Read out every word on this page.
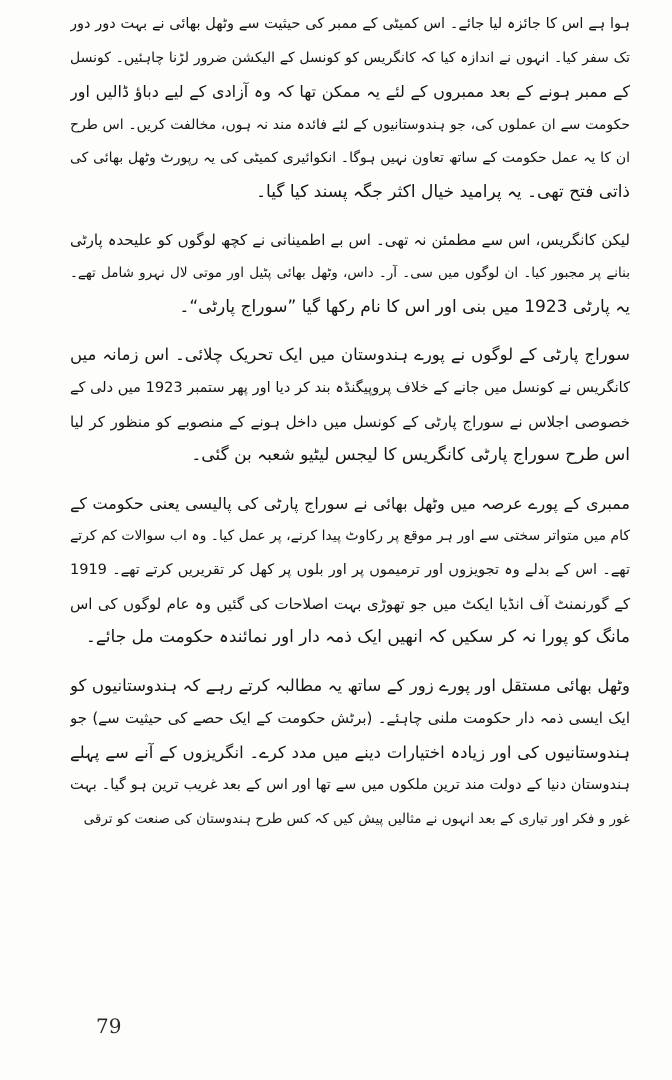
ہوا ہے اس کا جائزہ لیا جائے۔ اس کمیٹی کے ممبر کی حیثیت سے وٹھل بھائی نے بہت دور دور
تک سفر کیا۔ انہوں نے اندازہ کیا کہ کانگریس کو کونسل کے الیکشن ضرور لڑنا چاہئیں۔ کونسل
کے ممبر ہونے کے بعد ممبروں کے لئے یہ ممکن تھا کہ وہ آزادی کے لیے دباؤ ڈالیں اور
حکومت سے ان عملوں کی، جو ہندوستانیوں کے لئے فائدہ مند نہ ہوں، مخالفت کریں۔ اس طرح
ان کا یہ عمل حکومت کے ساتھ تعاون نہیں ہوگا۔ انکوائیری کمیٹی کی یہ رپورٹ وٹھل بھائی کی
ذاتی فتح تھی۔ یہ پرامید خیال اکثر جگہ پسند کیا گیا۔

لیکن کانگریس، اس سے مطمئن نہ تھی۔ اس بے اطمینانی نے کچھ لوگوں کو علیحدہ پارٹی
بنانے پر مجبور کیا۔ ان لوگوں میں سی۔ آر۔ داس، وٹھل بھائی پٹیل اور موتی لال نہرو شامل تھے۔
یہ پارٹی 1923 میں بنی اور اس کا نام رکھا گیا ”سوراج پارٹی“۔

سوراج پارٹی کے لوگوں نے پورے ہندوستان میں ایک تحریک چلائی۔ اس زمانہ میں
کانگریس نے کونسل میں جانے کے خلاف پروپیگنڈہ بند کر دیا اور پھر ستمبر 1923 میں دلی کے
خصوصی اجلاس نے سوراج پارٹی کے کونسل میں داخل ہونے کے منصوبے کو منظور کر لیا
اس طرح سوراج پارٹی کانگریس کا لیجس لیٹیو شعبہ بن گئی۔

ممبری کے پورے عرصہ میں وٹھل بھائی نے سوراج پارٹی کی پالیسی یعنی حکومت کے
کام میں متواتر سختی سے اور ہر موقع پر رکاوٹ پیدا کرنے، پر عمل کیا۔ وہ اب سوالات کم کرتے
تھے۔ اس کے بدلے وہ تجویزوں اور ترمیموں پر اور بلوں پر کھل کر تقریریں کرتے تھے۔ 1919
کے گورنمنٹ آف انڈیا ایکٹ میں جو تھوڑی بہت اصلاحات کی گئیں وہ عام لوگوں کی اس
مانگ کو پورا نہ کر سکیں کہ انھیں ایک ذمہ دار اور نمائندہ حکومت مل جائے۔

وٹھل بھائی مستقل اور پورے زور کے ساتھ یہ مطالبہ کرتے رہے کہ ہندوستانیوں کو
ایک ایسی ذمہ دار حکومت ملنی چاہئے۔ (برٹش حکومت کے ایک حصے کی حیثیت سے) جو
ہندوستانیوں کی اور زیادہ اختیارات دینے میں مدد کرے۔ انگریزوں کے آنے سے پہلے
ہندوستان دنیا کے دولت مند ترین ملکوں میں سے تھا اور اس کے بعد غریب ترین ہو گیا۔ بہت
غور و فکر اور تیاری کے بعد انہوں نے مثالیں پیش کیں کہ کس طرح ہندوستان کی صنعت کو ترقی

79
